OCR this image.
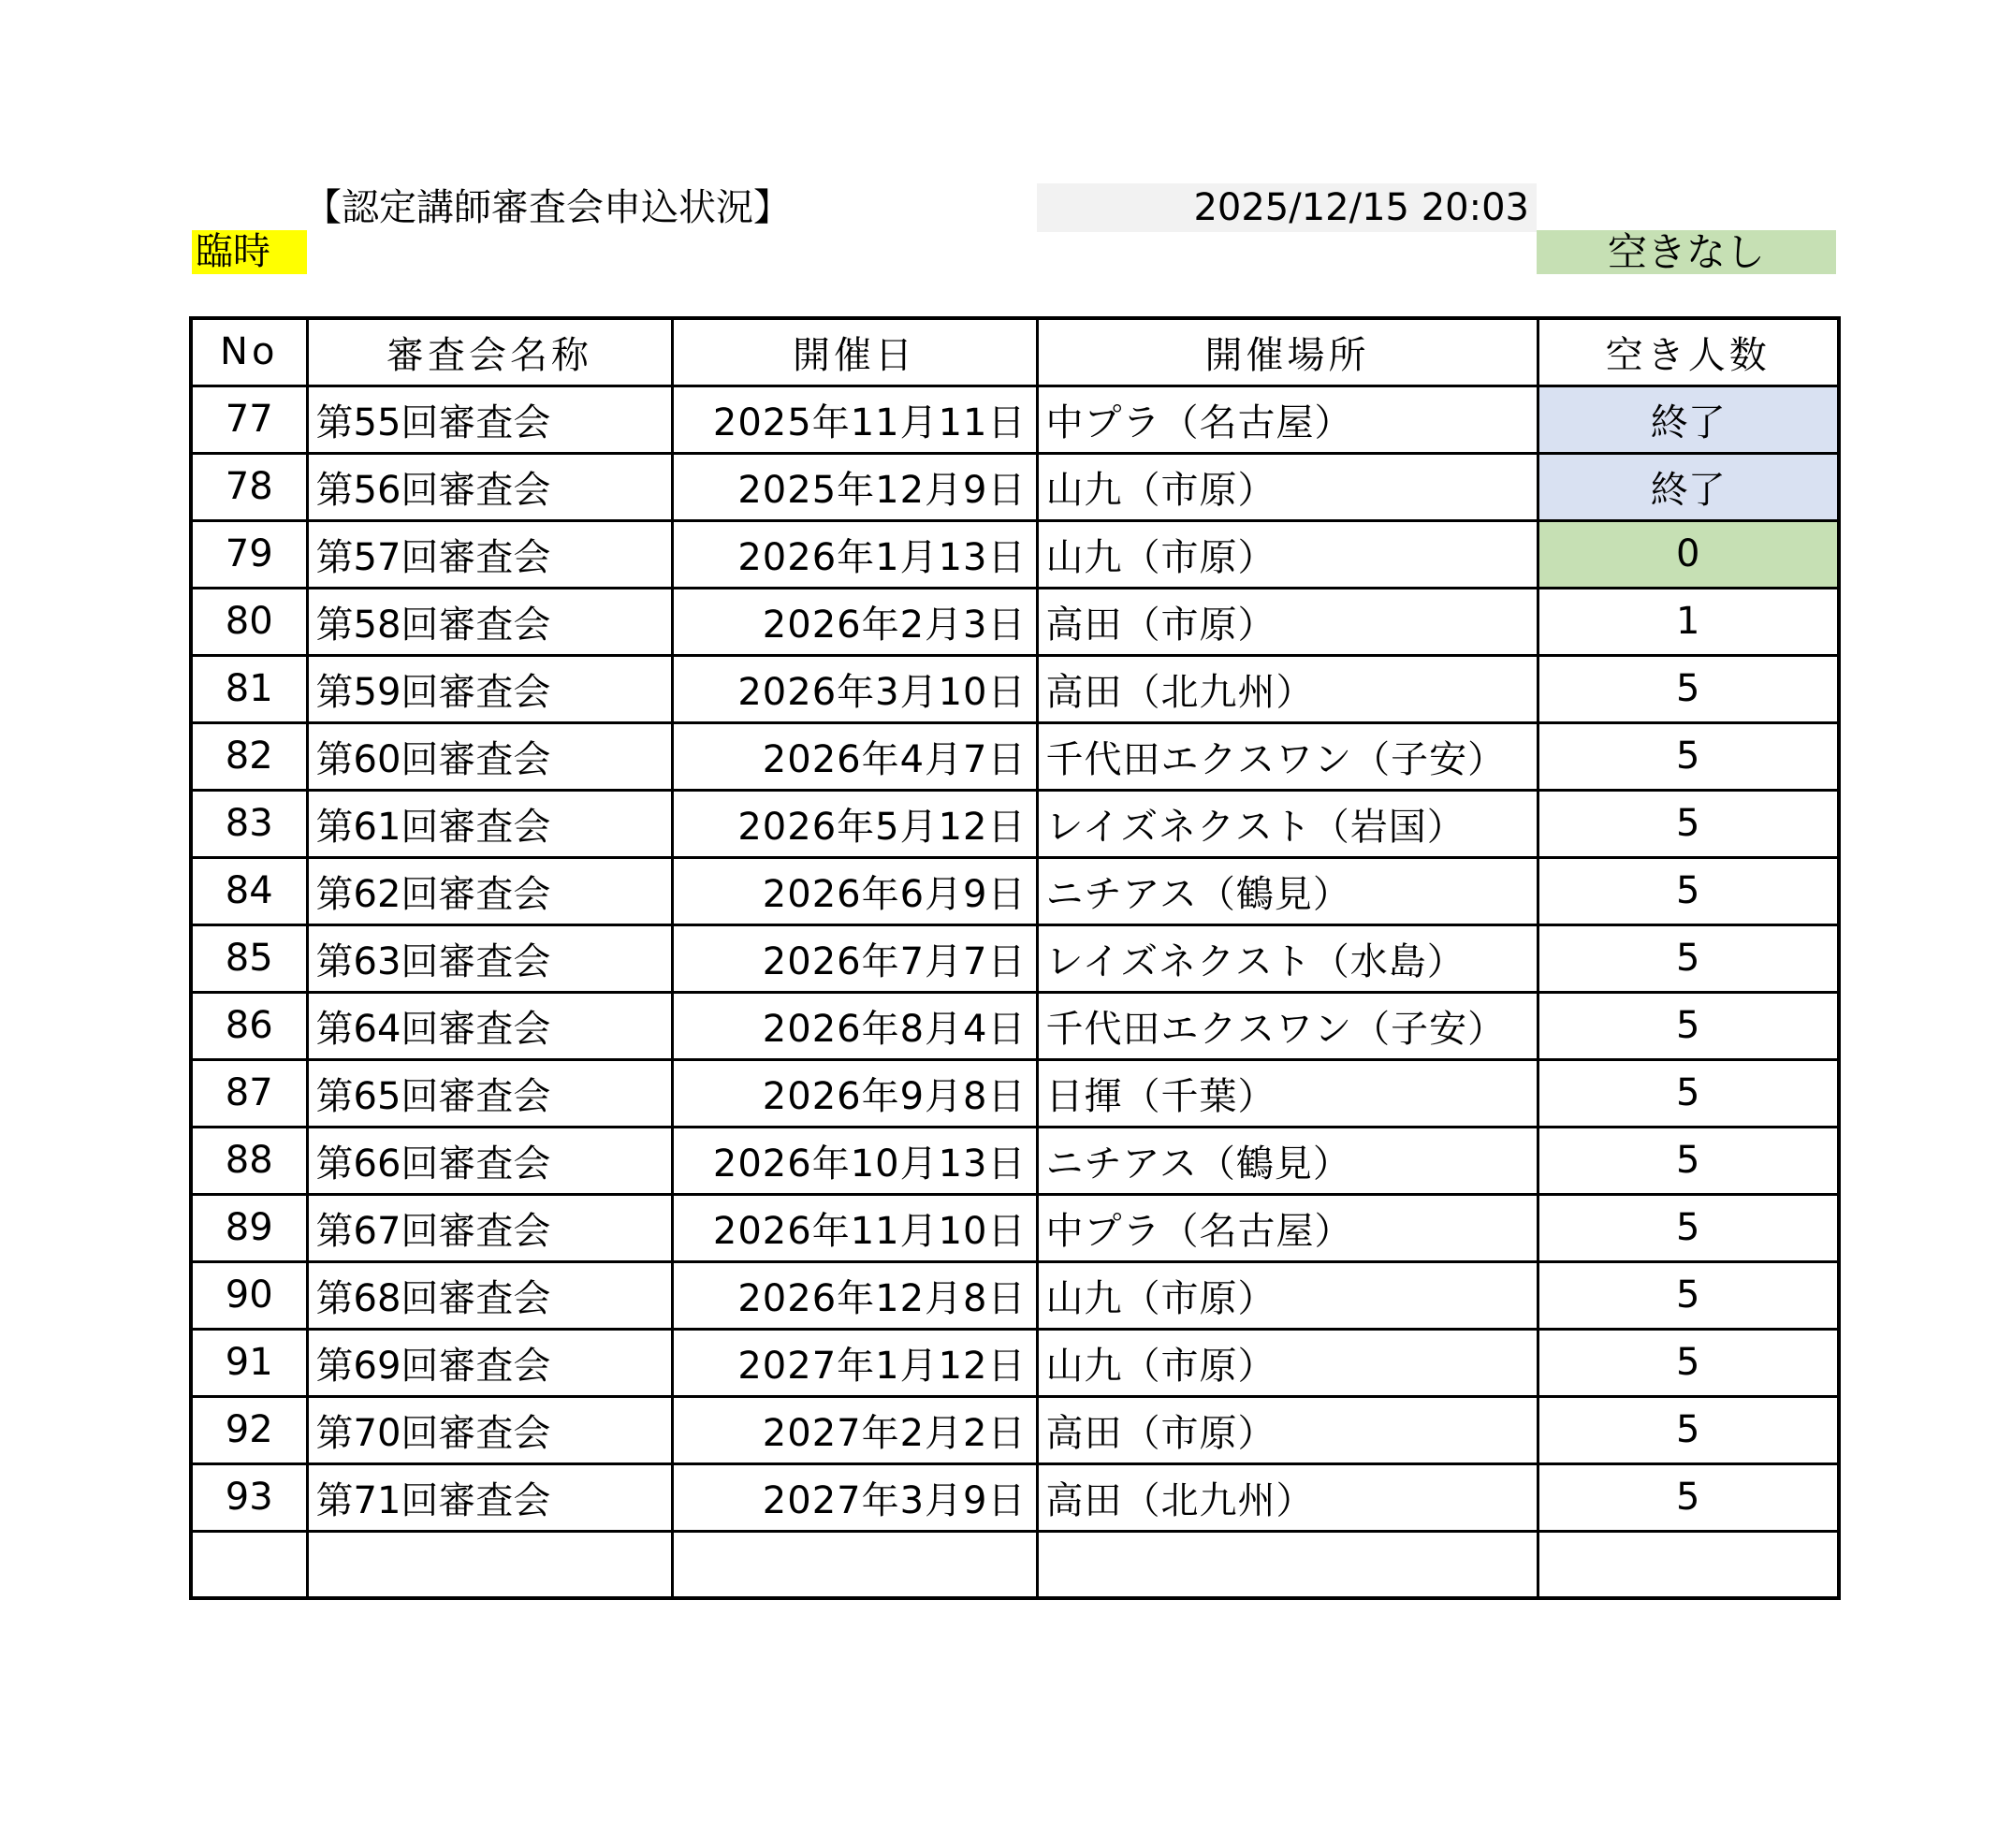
【認定講師審査会申込状況】	2025/12/15 20:03
臨時	空きなし
No	審査会名称	開催日	開催場所	空き人数
77	第55回審査会	2025年11月11日	中プラ（名古屋）	終了
78	第56回審査会	2025年12月9日	山九（市原）	終了
79	第57回審査会	2026年1月13日	山九（市原）	0
80	第58回審査会	2026年2月3日	高田（市原）	1
81	第59回審査会	2026年3月10日	高田（北九州）	5
82	第60回審査会	2026年4月7日	千代田エクスワン（子安）	5
83	第61回審査会	2026年5月12日	レイズネクスト（岩国）	5
84	第62回審査会	2026年6月9日	ニチアス（鶴見）	5
85	第63回審査会	2026年7月7日	レイズネクスト（水島）	5
86	第64回審査会	2026年8月4日	千代田エクスワン（子安）	5
87	第65回審査会	2026年9月8日	日揮（千葉）	5
88	第66回審査会	2026年10月13日	ニチアス（鶴見）	5
89	第67回審査会	2026年11月10日	中プラ（名古屋）	5
90	第68回審査会	2026年12月8日	山九（市原）	5
91	第69回審査会	2027年1月12日	山九（市原）	5
92	第70回審査会	2027年2月2日	高田（市原）	5
93	第71回審査会	2027年3月9日	高田（北九州）	5
